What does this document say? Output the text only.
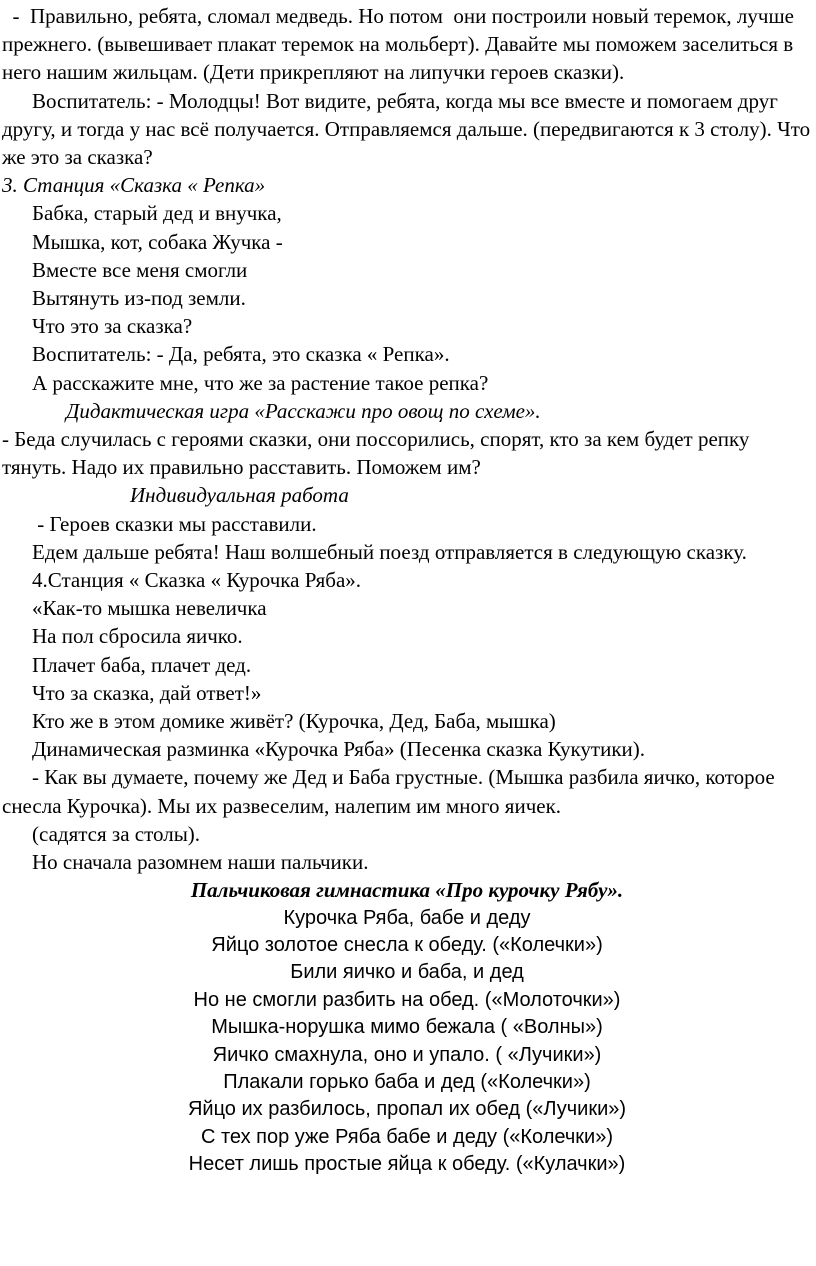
-  Правильно, ребята, сломал медведь. Но потом  они построили новый теремок, лучше прежнего. (вывешивает плакат теремок на мольберт). Давайте мы поможем заселиться в него нашим жильцам. (Дети прикрепляют на липучки героев сказки).

Воспитатель: - Молодцы! Вот видите, ребята, когда мы все вместе и помогаем друг другу, и тогда у нас всё получается. Отправляемся дальше. (передвигаются к 3 столу). Что же это за сказка?

3. Станция «Сказка « Репка»

Бабка, старый дед и внучка,

Мышка, кот, собака Жучка -

Вместе все меня смогли

Вытянуть из-под земли.

Что это за сказка?

Воспитатель: - Да, ребята, это сказка « Репка».

А расскажите мне, что же за растение такое репка?

Дидактическая игра «Расскажи про овощ по схеме».

- Беда случилась с героями сказки, они поссорились, спорят, кто за кем будет репку тянуть. Надо их правильно расставить. Поможем им?

Индивидуальная работа

- Героев сказки мы расставили.

Едем дальше ребята! Наш волшебный поезд отправляется в следующую сказку.

4.Станция « Сказка « Курочка Ряба».

«Как-то мышка невеличка

На пол сбросила яичко.

Плачет баба, плачет дед.

Что за сказка, дай ответ!»

Кто же в этом домике живёт? (Курочка, Дед, Баба, мышка)

Динамическая разминка «Курочка Ряба» (Песенка сказка Кукутики).

- Как вы думаете, почему же Дед и Баба грустные. (Мышка разбила яичко, которое снесла Курочка). Мы их развеселим, налепим им много яичек.

(садятся за столы).

Но сначала разомнем наши пальчики.

Пальчиковая гимнастика «Про курочку Рябу».

Курочка Ряба, бабе и деду
Яйцо золотое снесла к обеду. («Колечки»)
Били яичко и баба, и дед
Но не смогли разбить на обед. («Молоточки»)
Мышка-норушка мимо бежала ( «Волны»)
Яичко смахнула, оно и упало. ( «Лучики»)
Плакали горько баба и дед («Колечки»)
Яйцо их разбилось, пропал их обед («Лучики»)
С тех пор уже Ряба бабе и деду («Колечки»)
Несет лишь простые яйца к обеду. («Кулачки»)
